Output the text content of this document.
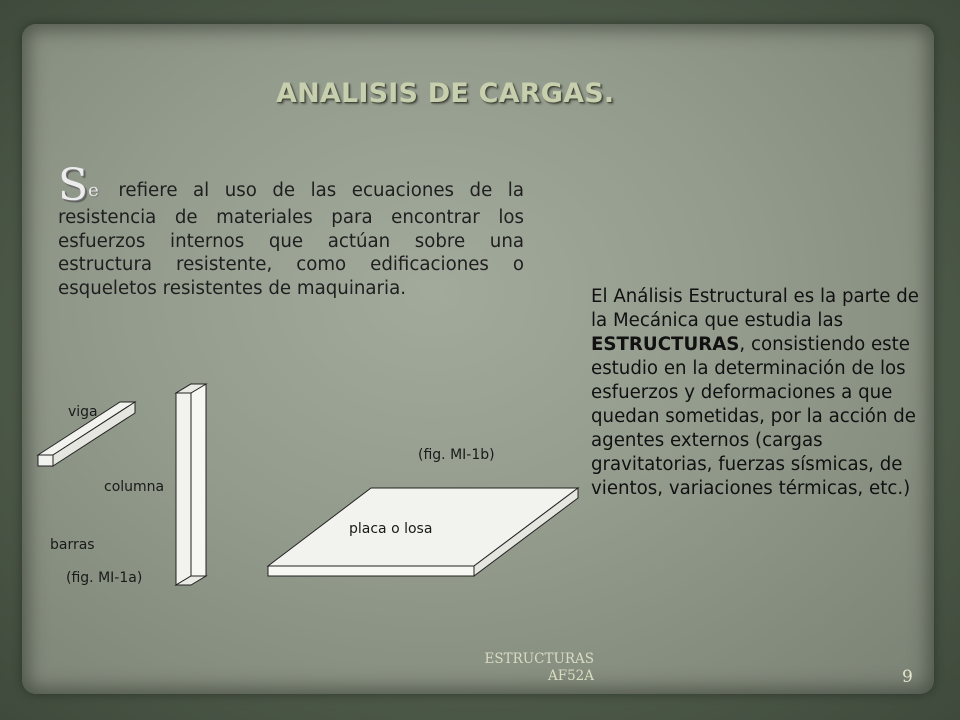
ANALISIS DE CARGAS.
Se refiere al uso de las ecuaciones de la resistencia de materiales para encontrar los esfuerzos internos que actúan sobre una estructura resistente, como edificaciones o esqueletos resistentes de maquinaria.	El Análisis Estructural es la parte de la Mecánica que estudia las ESTRUCTURAS, consistiendo este estudio en la determinación de los esfuerzos y deformaciones a que quedan sometidas, por la acción de agentes externos (cargas gravitatorias, fuerzas sísmicas, de vientos, variaciones térmicas, etc.)
viga
columna
barras
(fig. MI-1a)
placa o losa
(fig. MI-1b)
ESTRUCTURAS
AF52A	9
